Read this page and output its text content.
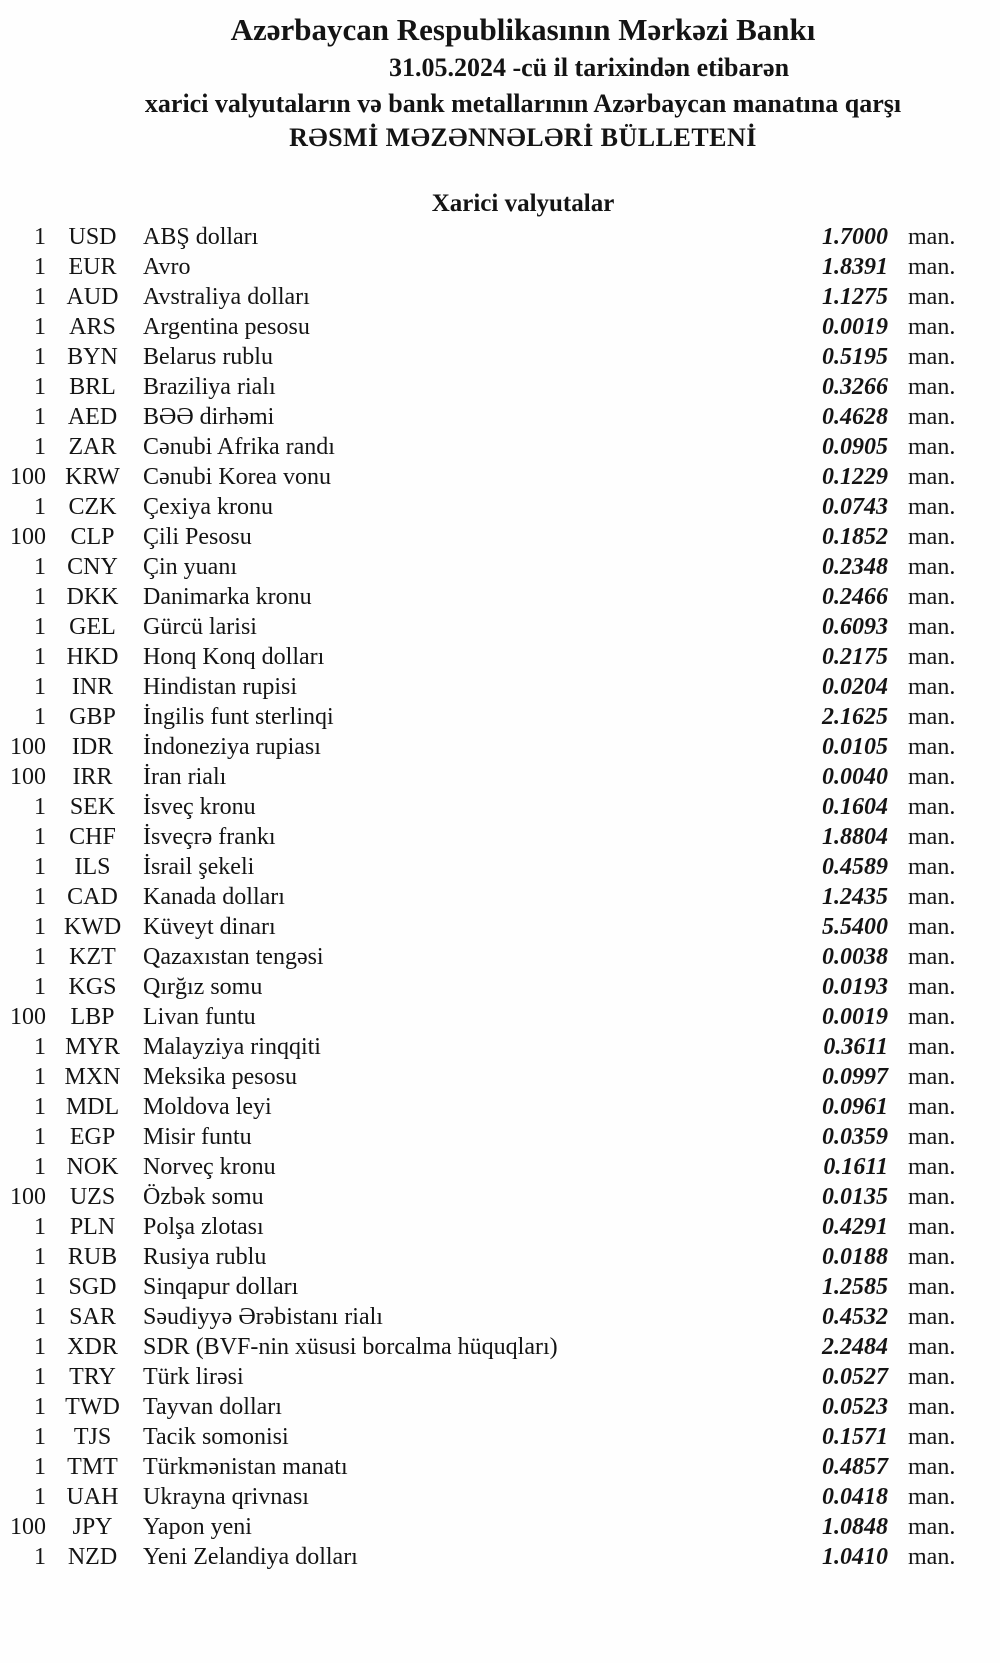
Azərbaycan Respublikasının Mərkəzi Bankı
31.05.2024 -cü il tarixindən etibarən
xarici valyutaların və bank metallarının Azərbaycan manatına qarşı
RƏSMİ MƏZƏNNƏLƏRİ BÜLLETENİ
Xarici valyutalar
1 USD	ABŞ dolları	1.7000 man.
1 EUR	Avro	1.8391 man.
1 AUD	Avstraliya dolları	1.1275 man.
1 ARS	Argentina pesosu	0.0019 man.
1 BYN	Belarus rublu	0.5195 man.
1 BRL	Braziliya rialı	0.3266 man.
1 AED	BƏƏ dirhəmi	0.4628 man.
1 ZAR	Cənubi Afrika randı	0.0905 man.
100 KRW Cənubi Korea vonu	0.1229 man.
1 CZK	Çexiya kronu	0.0743 man.
100	CLP	Çili Pesosu	0.1852 man.
1 CNY	Çin yuanı	0.2348 man.
1 DKK	Danimarka kronu	0.2466 man.
1 GEL	Gürcü larisi	0.6093 man.
1 HKD	Honq Konq dolları	0.2175 man.
1	INR	Hindistan rupisi	0.0204 man.
1 GBP	İngilis funt sterlinqi	2.1625 man.
100	IDR	İndoneziya rupiası	0.0105 man.
100	IRR	İran rialı	0.0040 man.
1 SEK	İsveç kronu	0.1604 man.
1 CHF	İsveçrə frankı	1.8804 man.
1	ILS	İsrail şekeli	0.4589 man.
1 CAD	Kanada dolları	1.2435 man.
1 KWD Küveyt dinarı	5.5400 man.
1 KZT	Qazaxıstan tengəsi	0.0038 man.
1 KGS	Qırğız somu	0.0193 man.
100	LBP	Livan funtu	0.0019 man.
1 MYR Malayziya rinqqiti	0.3611 man.
1 MXN Meksika pesosu	0.0997 man.
1 MDL Moldova leyi	0.0961 man.
1 EGP	Misir funtu	0.0359 man.
1 NOK	Norveç kronu	0.1611 man.
100 UZS	Özbək somu	0.0135 man.
1 PLN	Polşa zlotası	0.4291 man.
1 RUB	Rusiya rublu	0.0188 man.
1 SGD	Sinqapur dolları	1.2585 man.
1 SAR	Səudiyyə Ərəbistanı rialı	0.4532 man.
1 XDR	SDR (BVF-nin xüsusi borcalma hüquqları)	2.2484 man.
1 TRY	Türk lirəsi	0.0527 man.
1 TWD Tayvan dolları	0.0523 man.
1	TJS	Tacik somonisi	0.1571 man.
1 TMT	Türkmənistan manatı	0.4857 man.
1 UAH	Ukrayna qrivnası	0.0418 man.
100	JPY	Yapon yeni	1.0848 man.
1 NZD	Yeni Zelandiya dolları	1.0410 man.
